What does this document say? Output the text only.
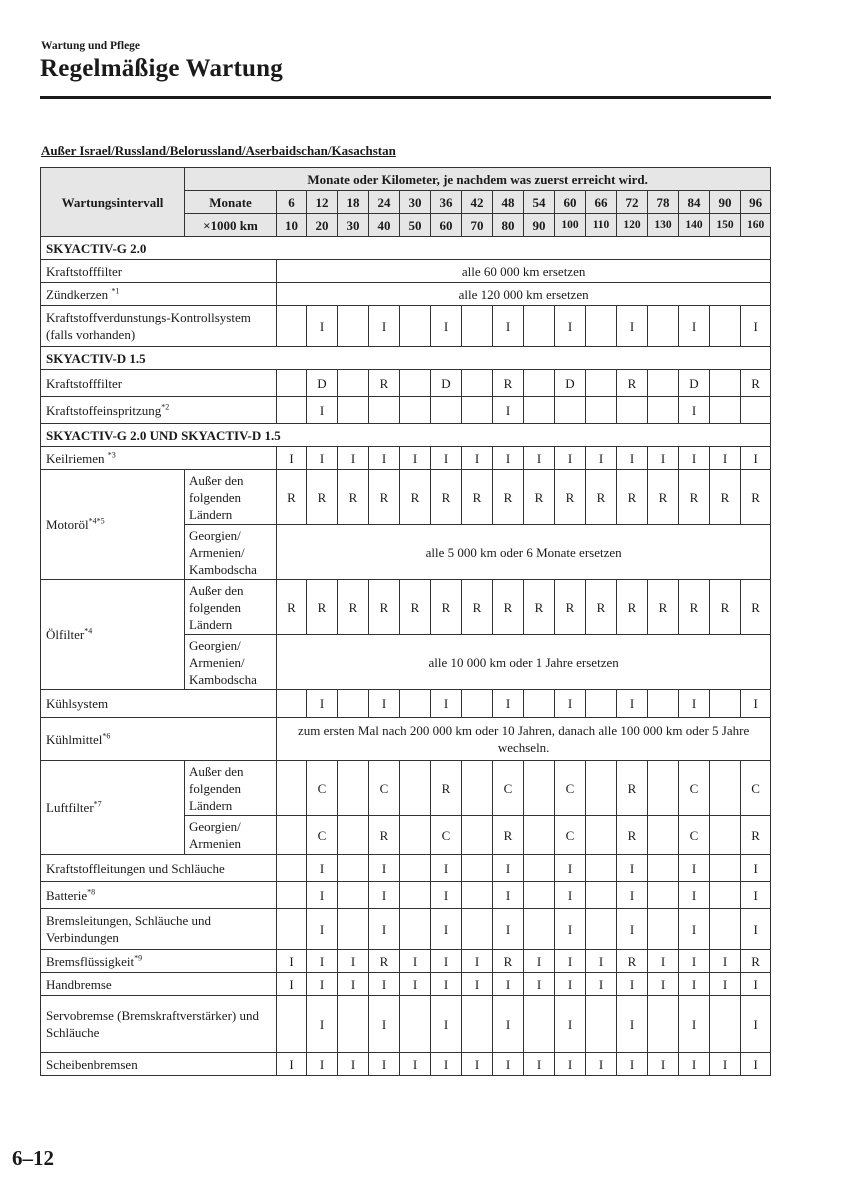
Wartung und Pflege
Regelmäßige Wartung
Außer Israel/Russland/Belorussland/Aserbaidschan/Kasachstan
Wartungsintervall	Monate oder Kilometer, je nachdem was zuerst erreicht wird.																
	Monate	6	12	18	24	30	36	42	48	54	60	66	72	78	84	90	96
	×1000 km	10	20	30	40	50	60	70	80	90	100	110	120	130	140	150	160
SKYACTIV-G 2.0																	
Kraftstofffilter		alle 60 000 km ersetzen															
Zündkerzen $^{*1}$		alle 120 000 km ersetzen															
Kraftstoffverdunstungs-Kontrollsystem (falls vorhanden)			I		I		I		I		I		I		I		I
SKYACTIV-D 1.5																	
Kraftstofffilter			D		R		D		R		D		R		D		R
Kraftstoffeinspritzung$^{*2}$			I						I						I		
SKYACTIV-G 2.0 UND SKYACTIV-D 1.5																	
Keilriemen $^{*3}$		I	I	I	I	I	I	I	I	I	I	I	I	I	I	I	I
Motoröl$^{*4*5}$	Außer den folgenden Ländern	R	R	R	R	R	R	R	R	R	R	R	R	R	R	R	R
	Georgien/ Armenien/ Kambodscha	alle 5 000 km oder 6 Monate ersetzen															
Ölfilter$^{*4}$	Außer den folgenden Ländern	R	R	R	R	R	R	R	R	R	R	R	R	R	R	R	R
	Georgien/ Armenien/ Kambodscha	alle 10 000 km oder 1 Jahre ersetzen															
Kühlsystem			I		I		I		I		I		I		I		I
Kühlmittel$^{*6}$		zum ersten Mal nach 200 000 km oder 10 Jahren, danach alle 100 000 km oder 5 Jahre wechseln.															
Luftfilter$^{*7}$	Außer den folgenden Ländern		C		C		R		C		C		R		C		C
	Georgien/ Armenien		C		R		C		R		C		R		C		R
Kraftstoffleitungen und Schläuche			I		I		I		I		I		I		I		I
Batterie$^{*8}$			I		I		I		I		I		I		I		I
Bremsleitungen, Schläuche und Verbindungen			I		I		I		I		I		I		I		I
Bremsflüssigkeit$^{*9}$		I	I	I	R	I	I	I	R	I	I	I	R	I	I	I	R
Handbremse		I	I	I	I	I	I	I	I	I	I	I	I	I	I	I	I
Servobremse (Bremskraftverstärker) und Schläuche			I		I		I		I		I		I		I		I
Scheibenbremsen		I	I	I	I	I	I	I	I	I	I	I	I	I	I	I	I
6–12
